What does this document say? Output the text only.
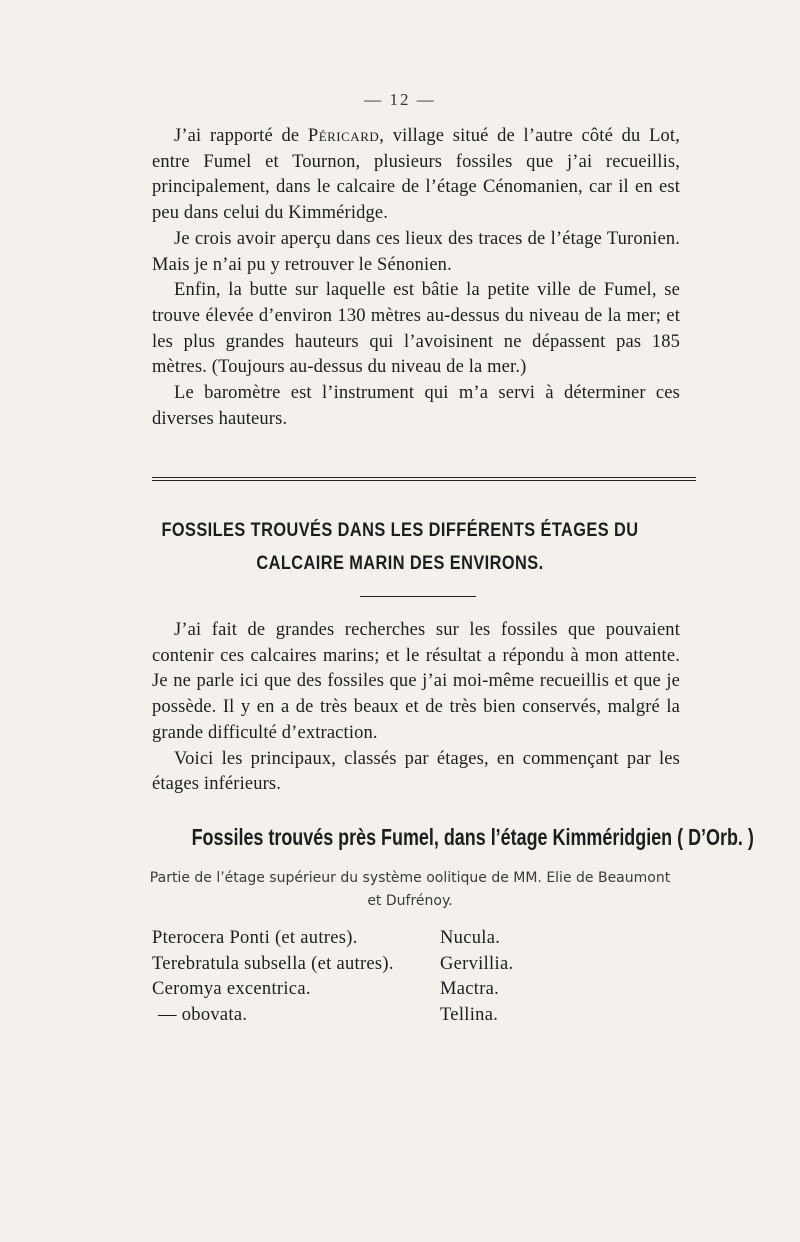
— 12 —

J’ai rapporté de Péricard, village situé de l’autre côté du Lot, entre Fumel et Tournon, plusieurs fossiles que j’ai recueillis, principalement, dans le calcaire de l’étage Cénomanien, car il en est peu dans celui du Kimméridge.

Je crois avoir aperçu dans ces lieux des traces de l’étage Turonien. Mais je n’ai pu y retrouver le Sénonien.

Enfin, la butte sur laquelle est bâtie la petite ville de Fumel, se trouve élevée d’environ 130 mètres au-dessus du niveau de la mer; et les plus grandes hauteurs qui l’avoisinent ne dépassent pas 185 mètres. (Toujours au-dessus du niveau de la mer.)

Le baromètre est l’instrument qui m’a servi à déterminer ces diverses hauteurs.

FOSSILES TROUVÉS DANS LES DIFFÉRENTS ÉTAGES DU
CALCAIRE MARIN DES ENVIRONS.

J’ai fait de grandes recherches sur les fossiles que pouvaient contenir ces calcaires marins; et le résultat a répondu à mon attente. Je ne parle ici que des fossiles que j’ai moi-même recueillis et que je possède. Il y en a de très beaux et de très bien conservés, malgré la grande difficulté d’extraction.

Voici les principaux, classés par étages, en commençant par les étages inférieurs.

Fossiles trouvés près Fumel, dans l’étage Kimméridgien ( D’Orb. )
Partie de l’étage supérieur du système oolitique de MM. Elie de Beaumont
et Dufrénoy.
Pterocera Ponti (et autres).
Terebratula subsella (et autres).
Ceromya excentrica.
— obovata.
Nucula.
Gervillia.
Mactra.
Tellina.
